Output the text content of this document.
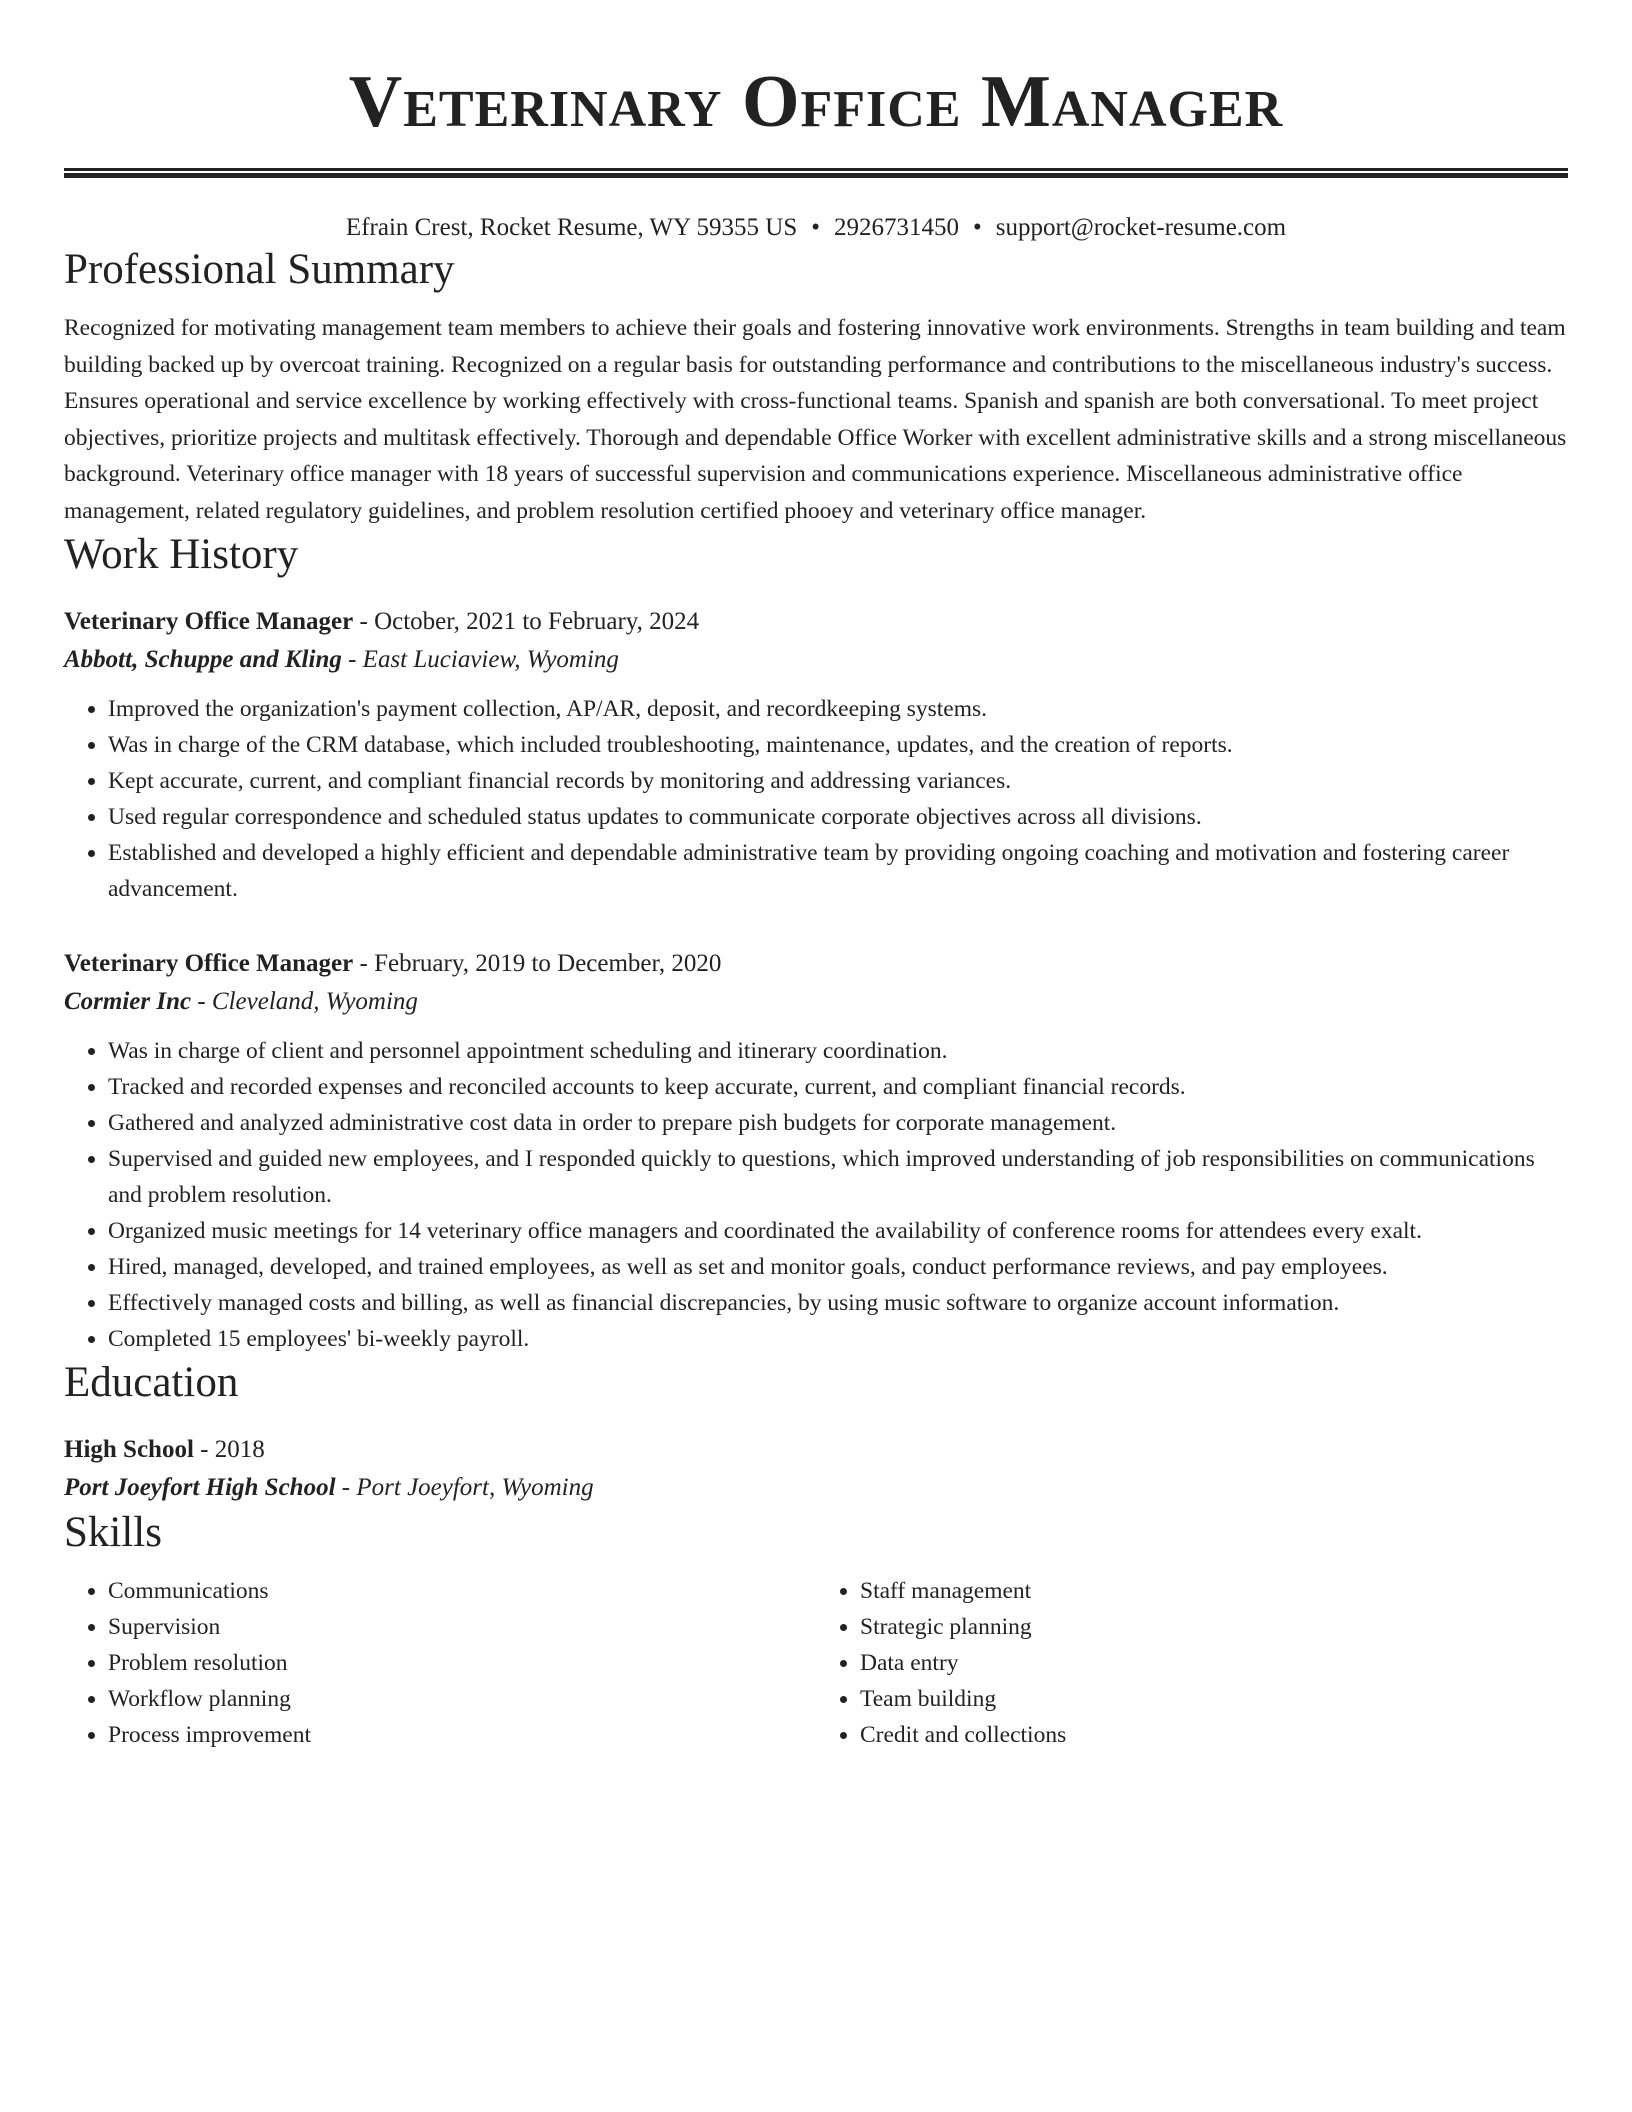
Veterinary Office Manager
Efrain Crest, Rocket Resume, WY 59355 US • 2926731450 • support@rocket-resume.com
Professional Summary

Recognized for motivating management team members to achieve their goals and fostering innovative work environments. Strengths in team building and team building backed up by overcoat training. Recognized on a regular basis for outstanding performance and contributions to the miscellaneous industry's success. Ensures operational and service excellence by working effectively with cross-functional teams. Spanish and spanish are both conversational. To meet project objectives, prioritize projects and multitask effectively. Thorough and dependable Office Worker with excellent administrative skills and a strong miscellaneous background. Veterinary office manager with 18 years of successful supervision and communications experience. Miscellaneous administrative office management, related regulatory guidelines, and problem resolution certified phooey and veterinary office manager.

Work History
Veterinary Office Manager - October, 2021 to February, 2024
Abbott, Schuppe and Kling - East Luciaview, Wyoming
• Improved the organization's payment collection, AP/AR, deposit, and recordkeeping systems.
• Was in charge of the CRM database, which included troubleshooting, maintenance, updates, and the creation of reports.
• Kept accurate, current, and compliant financial records by monitoring and addressing variances.
• Used regular correspondence and scheduled status updates to communicate corporate objectives across all divisions.
• Established and developed a highly efficient and dependable administrative team by providing ongoing coaching and motivation and fostering career advancement.
Veterinary Office Manager - February, 2019 to December, 2020
Cormier Inc - Cleveland, Wyoming
• Was in charge of client and personnel appointment scheduling and itinerary coordination.
• Tracked and recorded expenses and reconciled accounts to keep accurate, current, and compliant financial records.
• Gathered and analyzed administrative cost data in order to prepare pish budgets for corporate management.
• Supervised and guided new employees, and I responded quickly to questions, which improved understanding of job responsibilities on communications and problem resolution.
• Organized music meetings for 14 veterinary office managers and coordinated the availability of conference rooms for attendees every exalt.
• Hired, managed, developed, and trained employees, as well as set and monitor goals, conduct performance reviews, and pay employees.
• Effectively managed costs and billing, as well as financial discrepancies, by using music software to organize account information.
• Completed 15 employees' bi-weekly payroll.
Education
High School - 2018
Port Joeyfort High School - Port Joeyfort, Wyoming
Skills
• Communications
• Supervision
• Problem resolution
• Workflow planning
• Process improvement
• Staff management
• Strategic planning
• Data entry
• Team building
• Credit and collections
